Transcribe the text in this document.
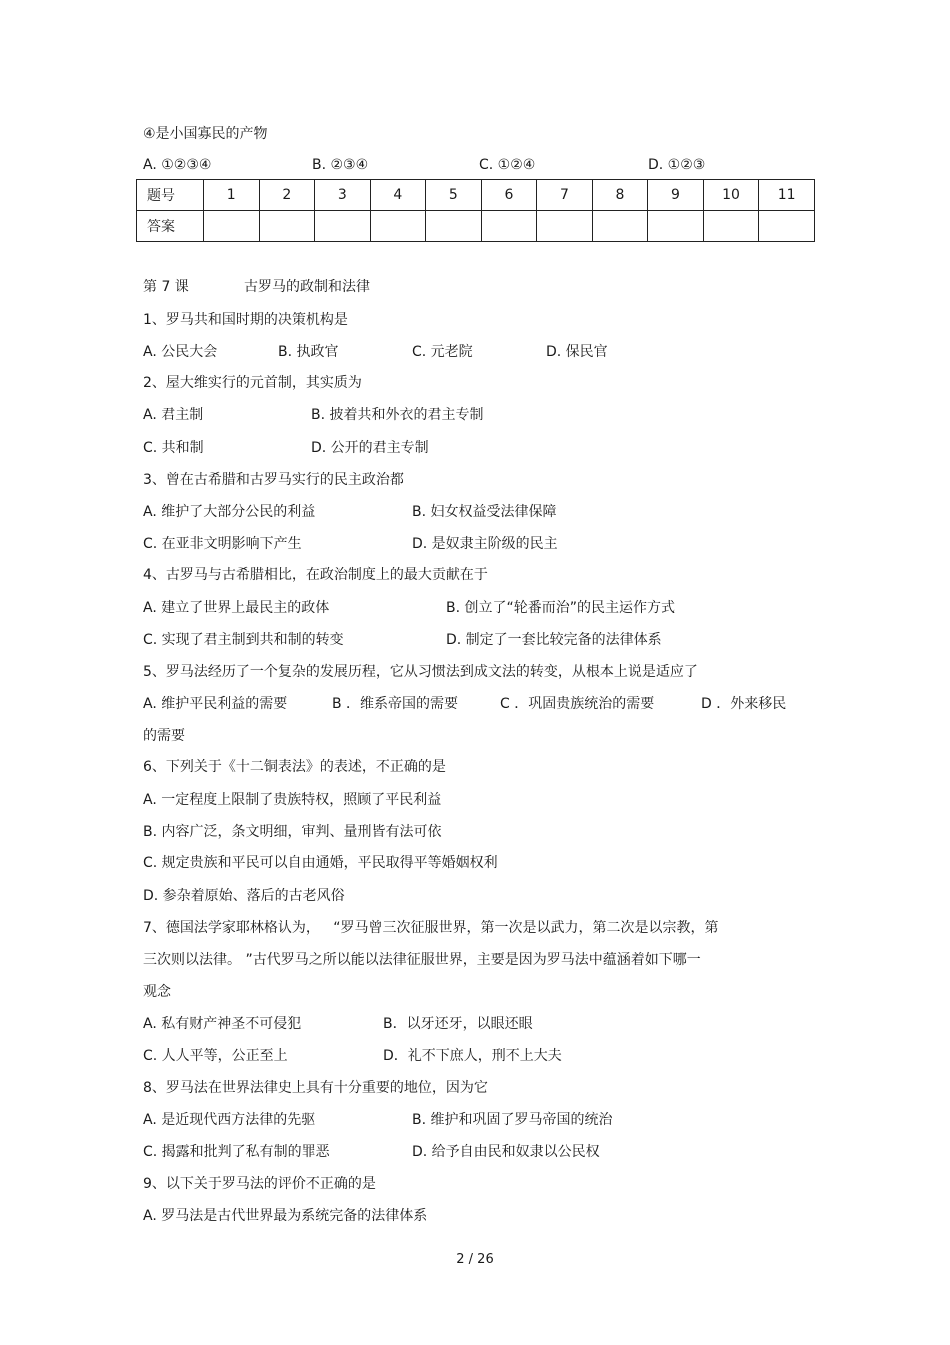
④是小国寡民的产物
A. ①②③④	B. ②③④	C. ①②④	D. ①②③
题号	1	2	3	4	5	6	7	8	9	10	11
答案											
第 7 课	古罗马的政制和法律
1、罗马共和国时期的决策机构是
A. 公民大会	B. 执政官	C. 元老院	D. 保民官
2、屋大维实行的元首制，其实质为
A. 君主制	B. 披着共和外衣的君主专制
C. 共和制	D. 公开的君主专制
3、曾在古希腊和古罗马实行的民主政治都
A. 维护了大部分公民的利益	B. 妇女权益受法律保障
C. 在亚非文明影响下产生	D. 是奴隶主阶级的民主
4、古罗马与古希腊相比，在政治制度上的最大贡献在于
A. 建立了世界上最民主的政体	B. 创立了“轮番而治”的民主运作方式
C. 实现了君主制到共和制的转变	D. 制定了一套比较完备的法律体系
5、罗马法经历了一个复杂的发展历程，它从习惯法到成文法的转变，从根本上说是适应了
A. 维护平民利益的需要	B ．维系帝国的需要	C ．巩固贵族统治的需要	D ．外来移民
的需要
6、下列关于《十二铜表法》的表述，不正确的是
A. 一定程度上限制了贵族特权，照顾了平民利益
B. 内容广泛，条文明细，审判、量刑皆有法可依
C. 规定贵族和平民可以自由通婚，平民取得平等婚姻权利
D. 参杂着原始、落后的古老风俗
7、德国法学家耶林格认为，   “罗马曾三次征服世界，第一次是以武力，第二次是以宗教，第
三次则以法律。 ”古代罗马之所以能以法律征服世界，主要是因为罗马法中蕴涵着如下哪一
观念
A. 私有财产神圣不可侵犯	B．以牙还牙，以眼还眼
C. 人人平等，公正至上	D．礼不下庶人，刑不上大夫
8、罗马法在世界法律史上具有十分重要的地位，因为它
A. 是近现代西方法律的先驱	B. 维护和巩固了罗马帝国的统治
C. 揭露和批判了私有制的罪恶	D. 给予自由民和奴隶以公民权
9、以下关于罗马法的评价不正确的是
A. 罗马法是古代世界最为系统完备的法律体系
2 / 26
